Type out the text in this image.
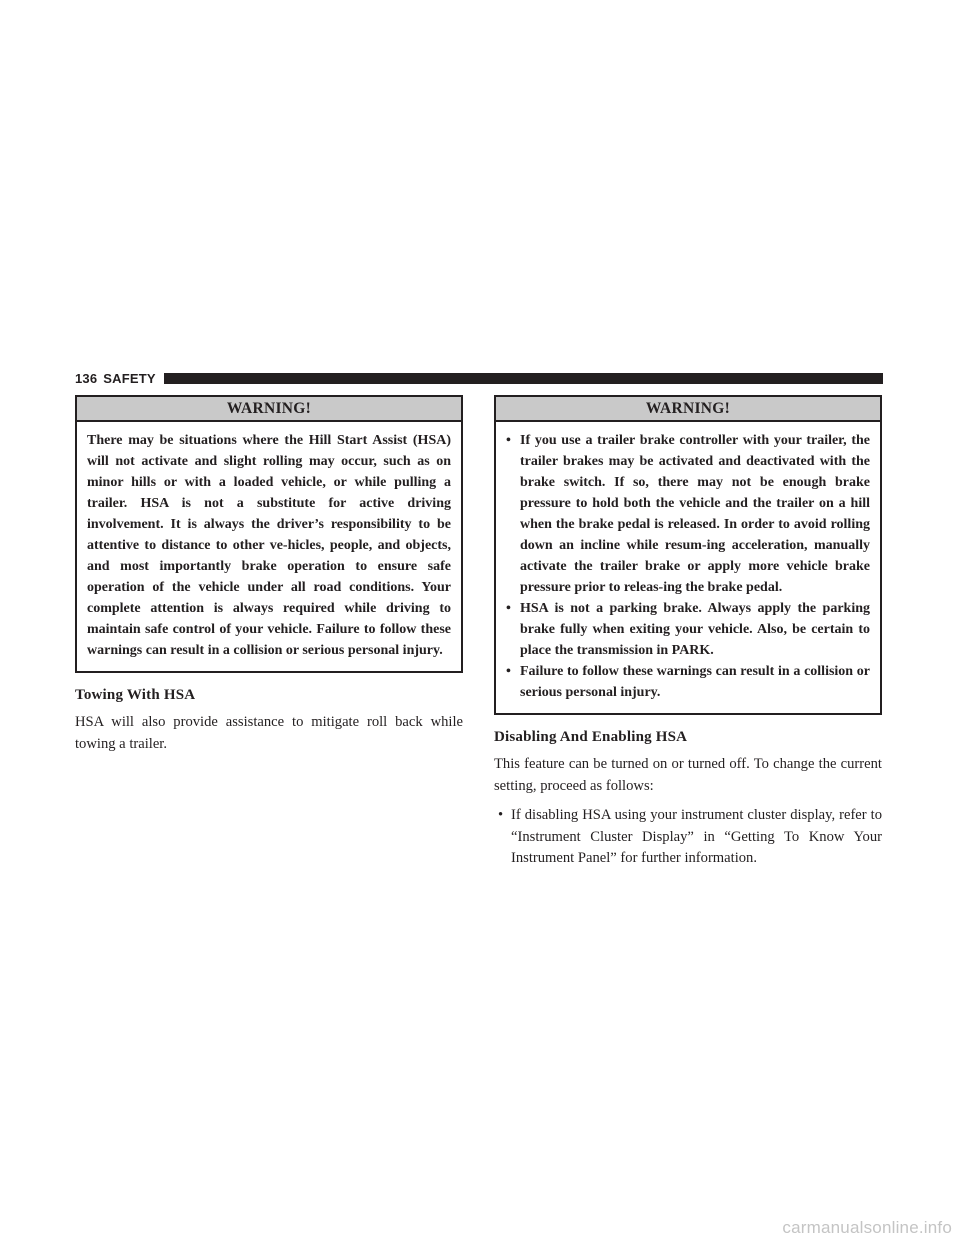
136 SAFETY
WARNING!
There may be situations where the Hill Start Assist (HSA) will not activate and slight rolling may occur, such as on minor hills or with a loaded vehicle, or while pulling a trailer. HSA is not a substitute for active driving involvement. It is always the driver’s responsibility to be attentive to distance to other ve-hicles, people, and objects, and most importantly brake operation to ensure safe operation of the vehicle under all road conditions. Your complete attention is always required while driving to maintain safe control of your vehicle. Failure to follow these warnings can result in a collision or serious personal injury.
Towing With HSA

HSA will also provide assistance to mitigate roll back while towing a trailer.

WARNING!
• If you use a trailer brake controller with your trailer, the trailer brakes may be activated and deactivated with the brake switch. If so, there may not be enough brake pressure to hold both the vehicle and the trailer on a hill when the brake pedal is released. In order to avoid rolling down an incline while resum-ing acceleration, manually activate the trailer brake or apply more vehicle brake pressure prior to releas-ing the brake pedal.
• HSA is not a parking brake. Always apply the parking brake fully when exiting your vehicle. Also, be certain to place the transmission in PARK.
• Failure to follow these warnings can result in a collision or serious personal injury.
Disabling And Enabling HSA

This feature can be turned on or turned off. To change the current setting, proceed as follows:

• If disabling HSA using your instrument cluster display, refer to “Instrument Cluster Display” in “Getting To Know Your Instrument Panel” for further information.
carmanualsonline.info
